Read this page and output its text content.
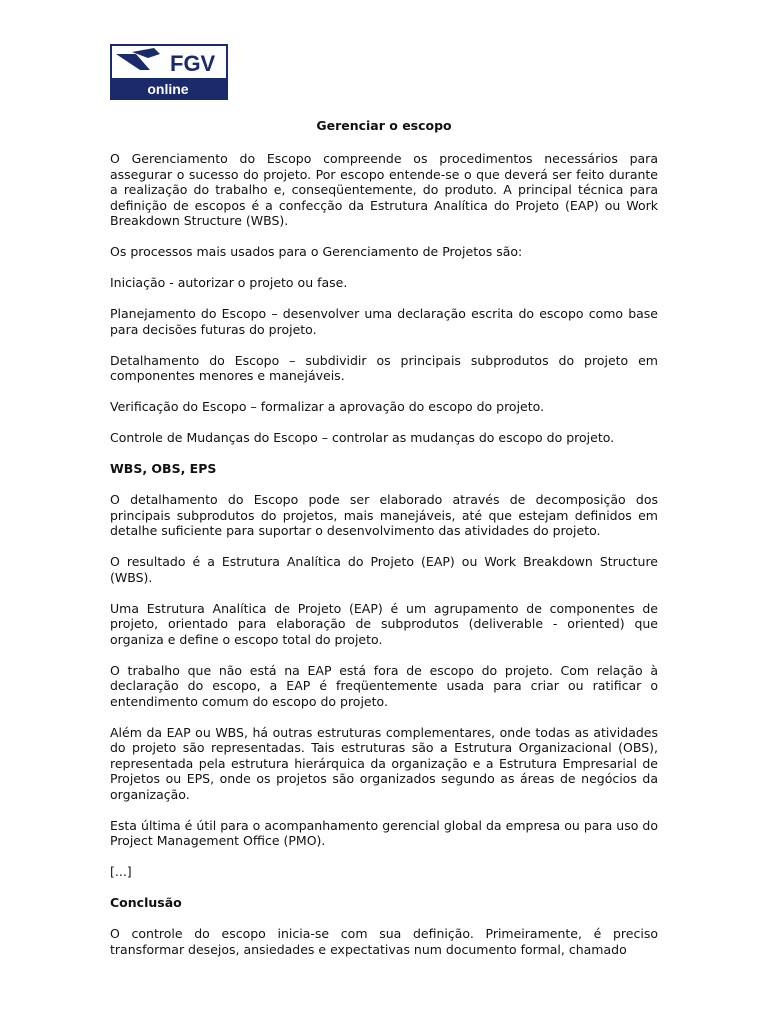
FGV
online
Gerenciar o escopo

O Gerenciamento do Escopo compreende os procedimentos necessários para assegurar o sucesso do projeto. Por escopo entende-se o que deverá ser feito durante a realização do trabalho e, conseqüentemente, do produto. A principal técnica para definição de escopos é a confecção da Estrutura Analítica do Projeto (EAP) ou Work Breakdown Structure (WBS).

Os processos mais usados para o Gerenciamento de Projetos são:

Iniciação - autorizar o projeto ou fase.

Planejamento do Escopo – desenvolver uma declaração escrita do escopo como base para decisões futuras do projeto.

Detalhamento do Escopo – subdividir os principais subprodutos do projeto em componentes menores e manejáveis.

Verificação do Escopo – formalizar a aprovação do escopo do projeto.

Controle de Mudanças do Escopo – controlar as mudanças do escopo do projeto.

WBS, OBS, EPS

O detalhamento do Escopo pode ser elaborado através de decomposição dos principais subprodutos do projetos, mais manejáveis, até que estejam definidos em detalhe suficiente para suportar o desenvolvimento das atividades do projeto.

O resultado é a Estrutura Analítica do Projeto (EAP) ou Work Breakdown Structure (WBS).

Uma Estrutura Analítica de Projeto (EAP) é um agrupamento de componentes de projeto, orientado para elaboração de subprodutos (deliverable - oriented) que organiza e define o escopo total do projeto.

O trabalho que não está na EAP está fora de escopo do projeto. Com relação à declaração do escopo, a EAP é freqüentemente usada para criar ou ratificar o entendimento comum do escopo do projeto.

Além da EAP ou WBS, há outras estruturas complementares, onde todas as atividades do projeto são representadas. Tais estruturas são a Estrutura Organizacional (OBS), representada pela estrutura hierárquica da organização e a Estrutura Empresarial de Projetos ou EPS, onde os projetos são organizados segundo as áreas de negócios da organização.

Esta última é útil para o acompanhamento gerencial global da empresa ou para uso do Project Management Office (PMO).

[...]

Conclusão

O controle do escopo inicia-se com sua definição. Primeiramente, é preciso transformar desejos, ansiedades e expectativas num documento formal, chamado
